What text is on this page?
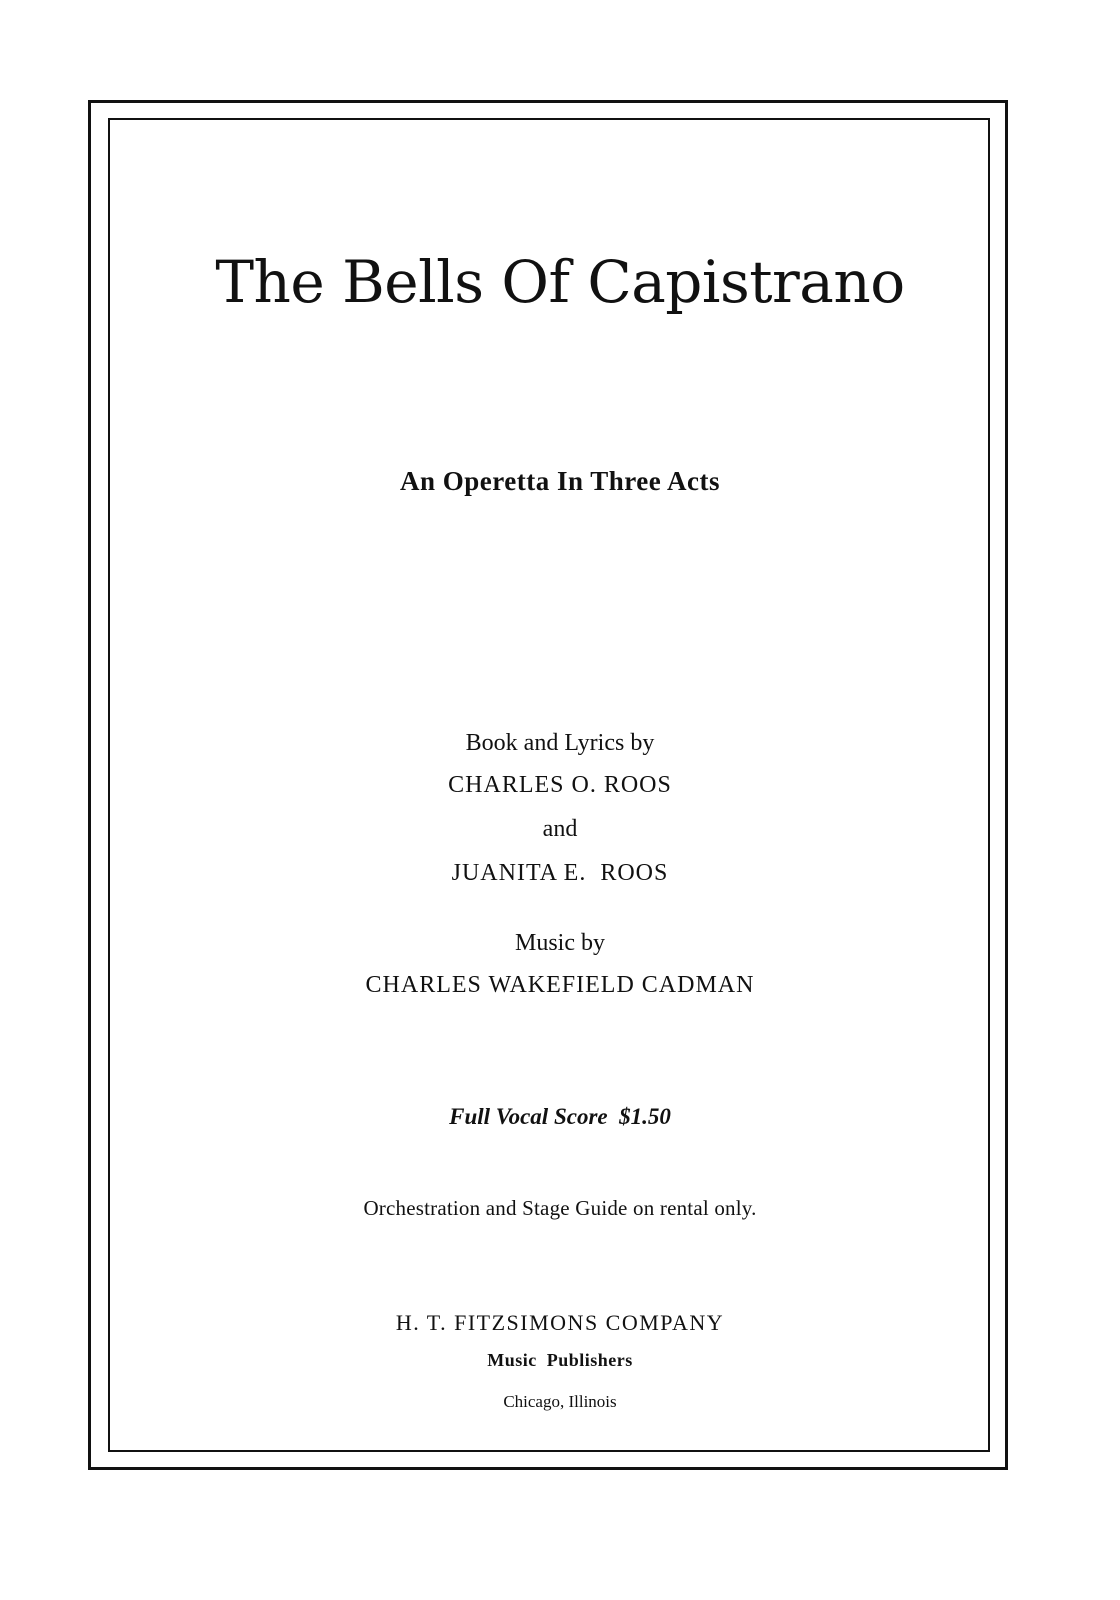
The Bells Of Capistrano
An Operetta In Three Acts
Book and Lyrics by
CHARLES O. ROOS
and
JUANITA E.  ROOS
Music by
CHARLES WAKEFIELD CADMAN
Full Vocal Score  $1.50
Orchestration and Stage Guide on rental only.
H. T. FITZSIMONS COMPANY
Music  Publishers
Chicago, Illinois
